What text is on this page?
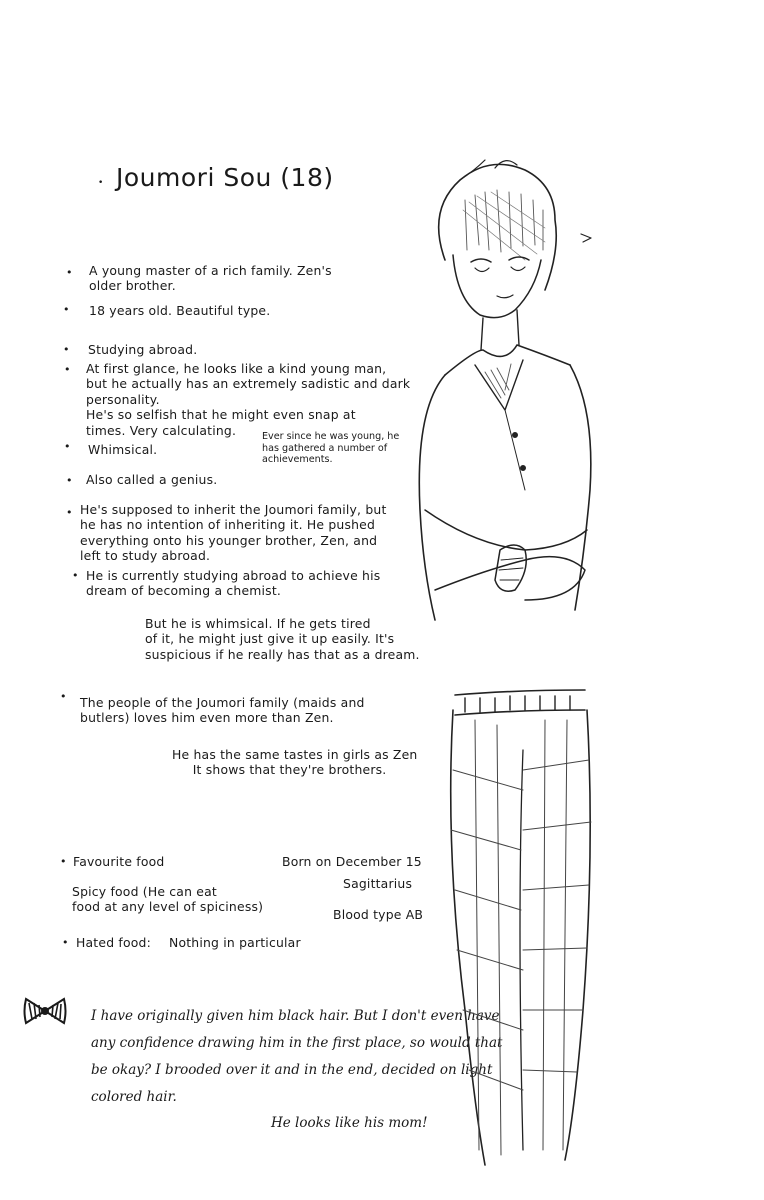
• Joumori Sou (18)
•
•
•
•
•
•
•
•
•
•
•
A young master of a rich family. Zen's
older brother.
18 years old. Beautiful type.
Studying abroad.
At first glance, he looks like a kind young man,
but he actually has an extremely sadistic and dark
personality.
He's so selfish that he might even snap at
times. Very calculating.
Whimsical.
Also called a genius.
He's supposed to inherit the Joumori family, but
he has no intention of inheriting it. He pushed
everything onto his younger brother, Zen, and
left to study abroad.
He is currently studying abroad to achieve his
dream of becoming a chemist.
The people of the Joumori family (maids and
butlers) loves him even more than Zen.
Ever since he was young, he
has gathered a number of
achievements.
But he is whimsical. If he gets tired
of it, he might just give it up easily. It's
suspicious if he really has that as a dream.
He has the same tastes in girls as Zen
It shows that they're brothers.
Favourite food
Spicy food (He can eat
food at any level of spiciness)
Hated food: Nothing in particular
Born on December 15
Sagittarius
Blood type AB
I have originally given him black hair. But I don't even have
any confidence drawing him in the first place, so would that
be okay? I brooded over it and in the end, decided on light
colored hair.
He looks like his mom!
